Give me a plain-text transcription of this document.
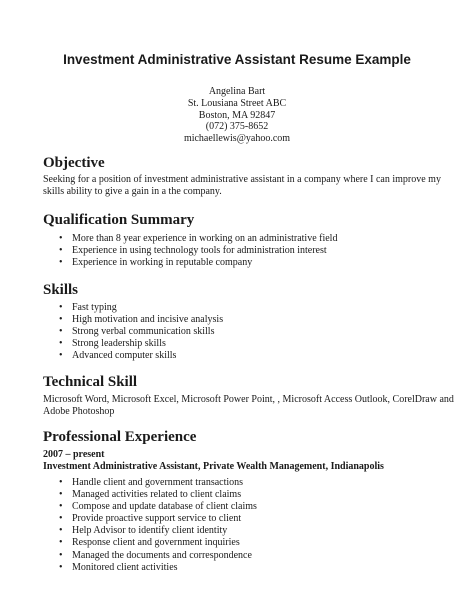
Investment Administrative Assistant Resume Example
Angelina Bart
St. Lousiana Street ABC
Boston, MA 92847
(072) 375-8652
michaellewis@yahoo.com
Objective
Seeking for a position of investment administrative assistant in a company where I can improve my
skills ability to give a gain in a the company.
Qualification Summary
• More than 8 year experience in working on an administrative field
• Experience in using technology tools for administration interest
• Experience in working in reputable company
Skills
• Fast typing
• High motivation and incisive analysis
• Strong verbal communication skills
• Strong leadership skills
• Advanced computer skills
Technical Skill
Microsoft Word, Microsoft Excel, Microsoft Power Point, , Microsoft Access Outlook, CorelDraw and
Adobe Photoshop
Professional Experience
2007 – present
Investment Administrative Assistant, Private Wealth Management, Indianapolis
• Handle client and government transactions
• Managed activities related to client claims
• Compose and update database of client claims
• Provide proactive support service to client
• Help Advisor to identify client identity
• Response client and government inquiries
• Managed the documents and correspondence
• Monitored client activities
